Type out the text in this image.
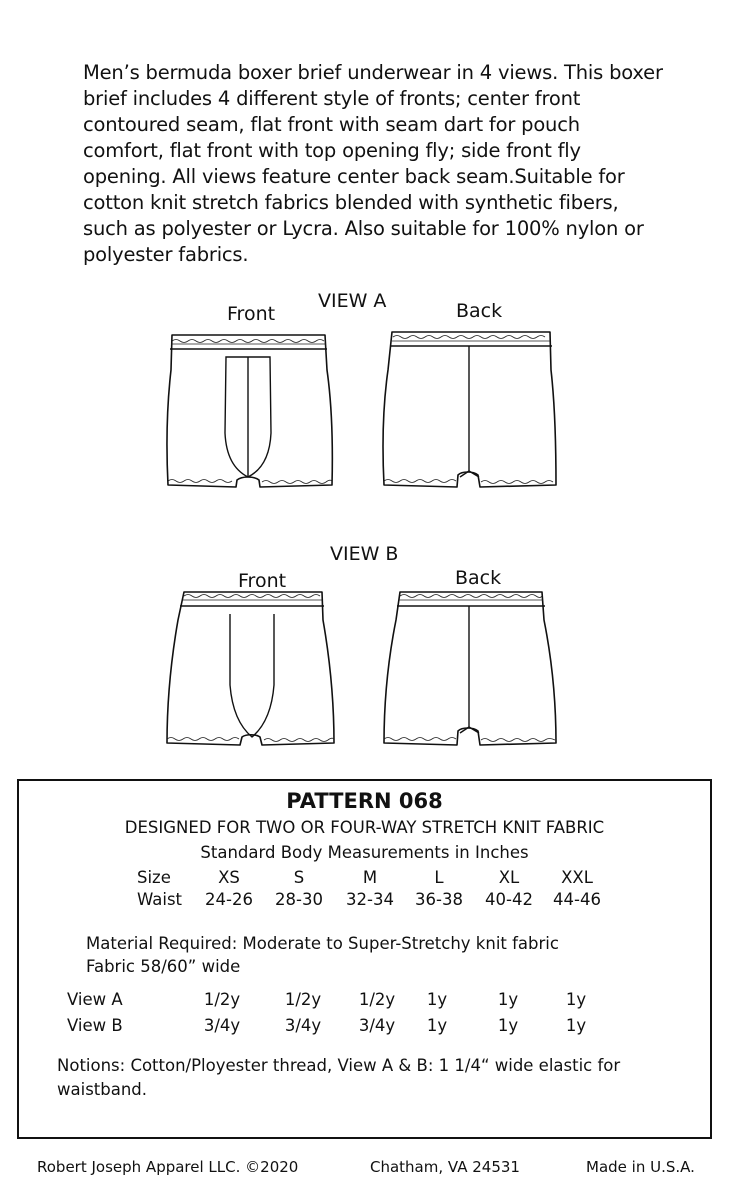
Men’s bermuda boxer brief underwear in 4 views. This boxer brief includes 4 different style of fronts; center front contoured seam, flat front with seam dart for pouch comfort, flat front with top opening fly; side front fly opening. All views feature center back seam.Suitable for cotton knit stretch fabrics blended with synthetic fibers, such as polyester or Lycra. Also suitable for 100% nylon or polyester fabrics.
VIEW A
Front	Back
VIEW B
Front	Back
PATTERN 068
DESIGNED FOR TWO OR FOUR-WAY STRETCH KNIT FABRIC
Standard Body Measurements in Inches
Size	XS	S	M	L	XL	XXL
Waist 24-26 28-30 32-34 36-38 40-42 44-46
Material Required: Moderate to Super-Stretchy knit fabric
Fabric 58/60” wide
View A	1/2y	1/2y 1/2y 1y	1y	1y
View B	3/4y	3/4y 3/4y 1y	1y	1y
Notions: Cotton/Ployester thread, View A & B: 1 1/4“ wide elastic for waistband.
Robert Joseph Apparel LLC. ©2020	Chatham, VA 24531	Made in U.S.A.
